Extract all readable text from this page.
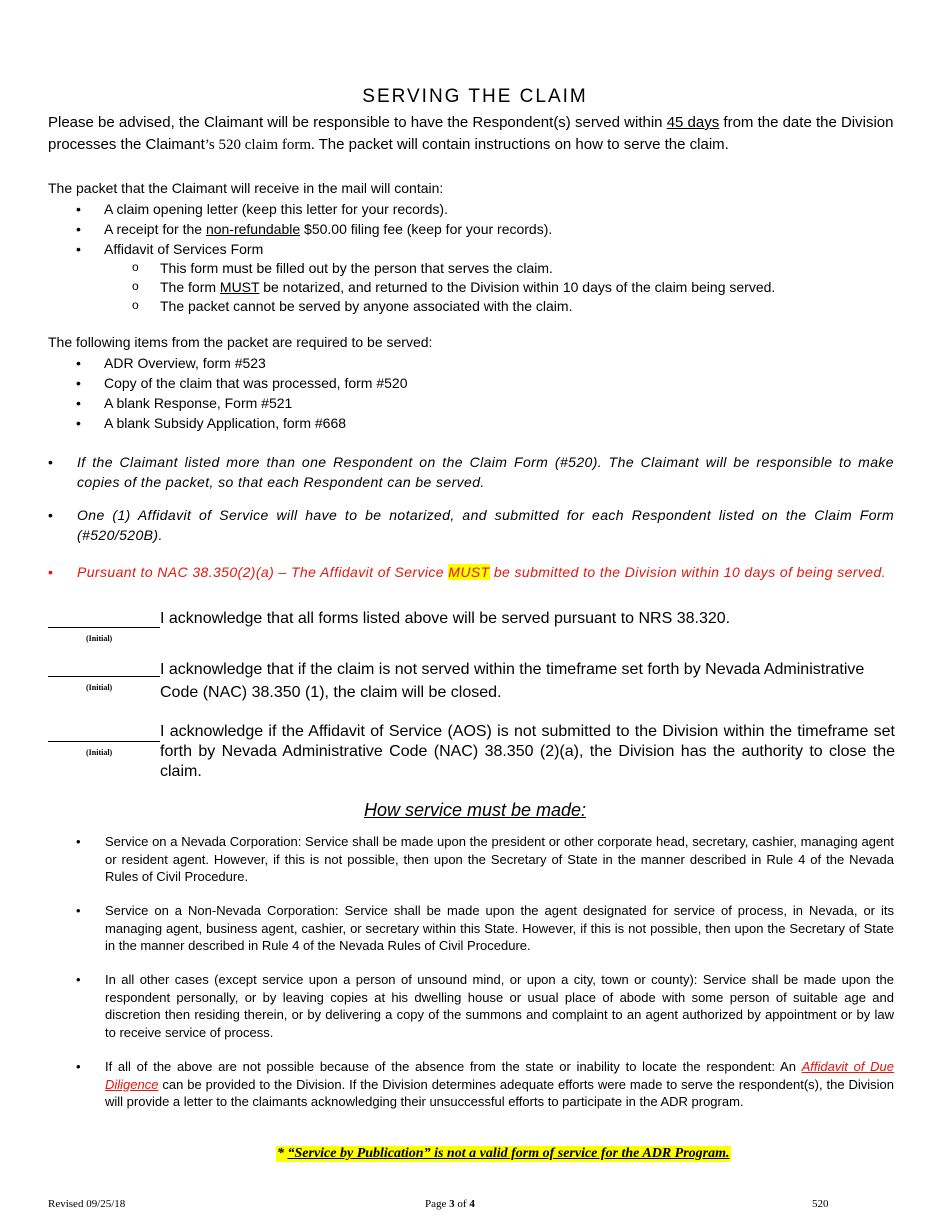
SERVING THE CLAIM
Please be advised, the Claimant will be responsible to have the Respondent(s) served within 45 days from the date the Division processes the Claimant’s 520 claim form. The packet will contain instructions on how to serve the claim.
The packet that the Claimant will receive in the mail will contain:
• A claim opening letter (keep this letter for your records).
• A receipt for the non-refundable $50.00 filing fee (keep for your records).
• Affidavit of Services Form
o This form must be filled out by the person that serves the claim.
o The form MUST be notarized, and returned to the Division within 10 days of the claim being served.
o The packet cannot be served by anyone associated with the claim.
The following items from the packet are required to be served:
• ADR Overview, form #523
• Copy of the claim that was processed, form #520
• A blank Response, Form #521
• A blank Subsidy Application, form #668
• If the Claimant listed more than one Respondent on the Claim Form (#520). The Claimant will be responsible to make copies of the packet, so that each Respondent can be served.
• One (1) Affidavit of Service will have to be notarized, and submitted for each Respondent listed on the Claim Form (#520/520B).
• Pursuant to NAC 38.350(2)(a) – The Affidavit of Service MUST be submitted to the Division within 10 days of being served.
(Initial)
I acknowledge that all forms listed above will be served pursuant to NRS 38.320.
(Initial)
I acknowledge that if the claim is not served within the timeframe set forth by Nevada Administrative Code (NAC) 38.350 (1), the claim will be closed.
(Initial)
I acknowledge if the Affidavit of Service (AOS) is not submitted to the Division within the timeframe set forth by Nevada Administrative Code (NAC) 38.350 (2)(a), the Division has the authority to close the claim.
How service must be made:
• Service on a Nevada Corporation: Service shall be made upon the president or other corporate head, secretary, cashier, managing agent or resident agent. However, if this is not possible, then upon the Secretary of State in the manner described in Rule 4 of the Nevada Rules of Civil Procedure.
• Service on a Non-Nevada Corporation: Service shall be made upon the agent designated for service of process, in Nevada, or its managing agent, business agent, cashier, or secretary within this State. However, if this is not possible, then upon the Secretary of State in the manner described in Rule 4 of the Nevada Rules of Civil Procedure.
• In all other cases (except service upon a person of unsound mind, or upon a city, town or county): Service shall be made upon the respondent personally, or by leaving copies at his dwelling house or usual place of abode with some person of suitable age and discretion then residing therein, or by delivering a copy of the summons and complaint to an agent authorized by appointment or by law to receive service of process.
• If all of the above are not possible because of the absence from the state or inability to locate the respondent: An Affidavit of Due Diligence can be provided to the Division. If the Division determines adequate efforts were made to serve the respondent(s), the Division will provide a letter to the claimants acknowledging their unsuccessful efforts to participate in the ADR program.
* “Service by Publication” is not a valid form of service for the ADR Program.
Revised 09/25/18	Page 3 of 4	520
